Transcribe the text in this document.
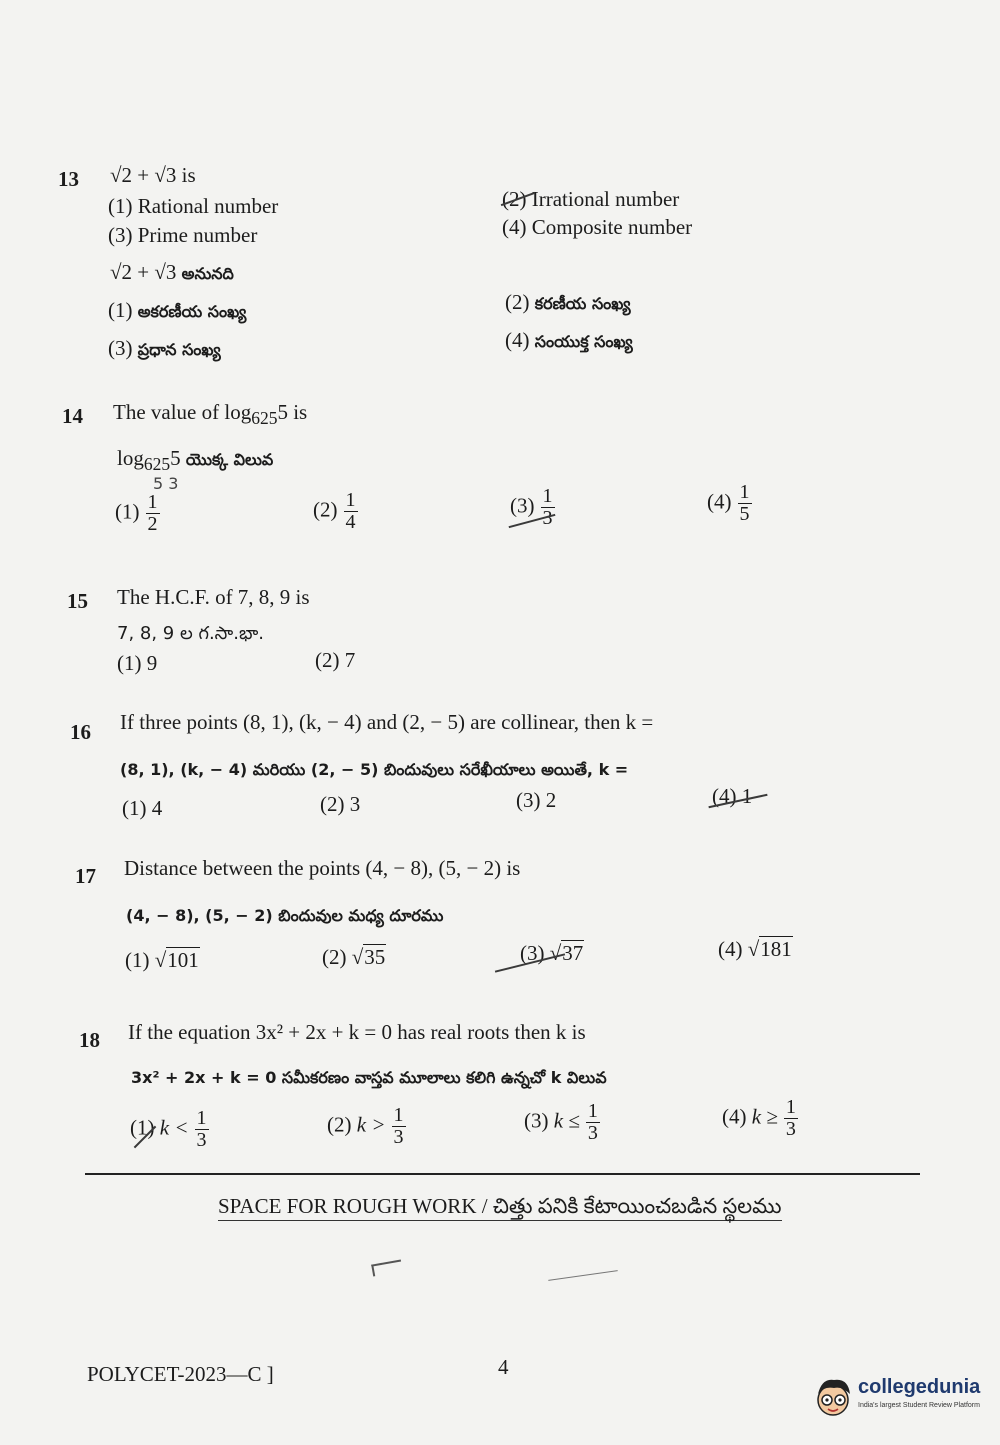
13 √2 + √3 is
(1) Rational number	(2) Irrational number
(3) Prime number	(4) Composite number
√2 + √3 అనునది
(1) అకరణీయ సంఖ్య	(2) కరణీయ సంఖ్య
(3) ప్రధాన సంఖ్య	(4) సంయుక్త సంఖ్య
14 The value of $\log_{625}5$ is
$\log_{625}5$ యొక్క విలువ
5 3
$(1) \frac{1}{2}$	$(2) \frac{1}{4}$	$(3) \frac{1}{3}$	$(4) \frac{1}{5}$
15 The H.C.F. of 7, 8, 9 is
7, 8, 9 ల గ.సా.భా.
(1) 9	(2) 7
16 If three points (8, 1), (k, − 4) and (2, − 5) are collinear, then k =
(8, 1), (k, − 4) మరియు (2, − 5) బిందువులు సరేఖీయాలు అయితే, k =
(1) 4	(2) 3	(3) 2	(4) 1
17 Distance between the points (4, − 8), (5, − 2) is
(4, − 8), (5, − 2) బిందువుల మధ్య దూరము
(1) √101	(2) √35	(3) √37	(4) √181
18 If the equation 3x² + 2x + k = 0 has real roots then k is
3x² + 2x + k = 0 సమీకరణం వాస్తవ మూలాలు కలిగి ఉన్నచో k విలువ
(1) $k < \frac{1}{3}$	(2) $k > \frac{1}{3}$	(3) $k \le \frac{1}{3}$	(4) $k \ge \frac{1}{3}$
SPACE FOR ROUGH WORK / చిత్తు పనికి కేటాయించబడిన స్థలము
POLYCET-2023—C ]	4
collegedunia
India's largest Student Review Platform
